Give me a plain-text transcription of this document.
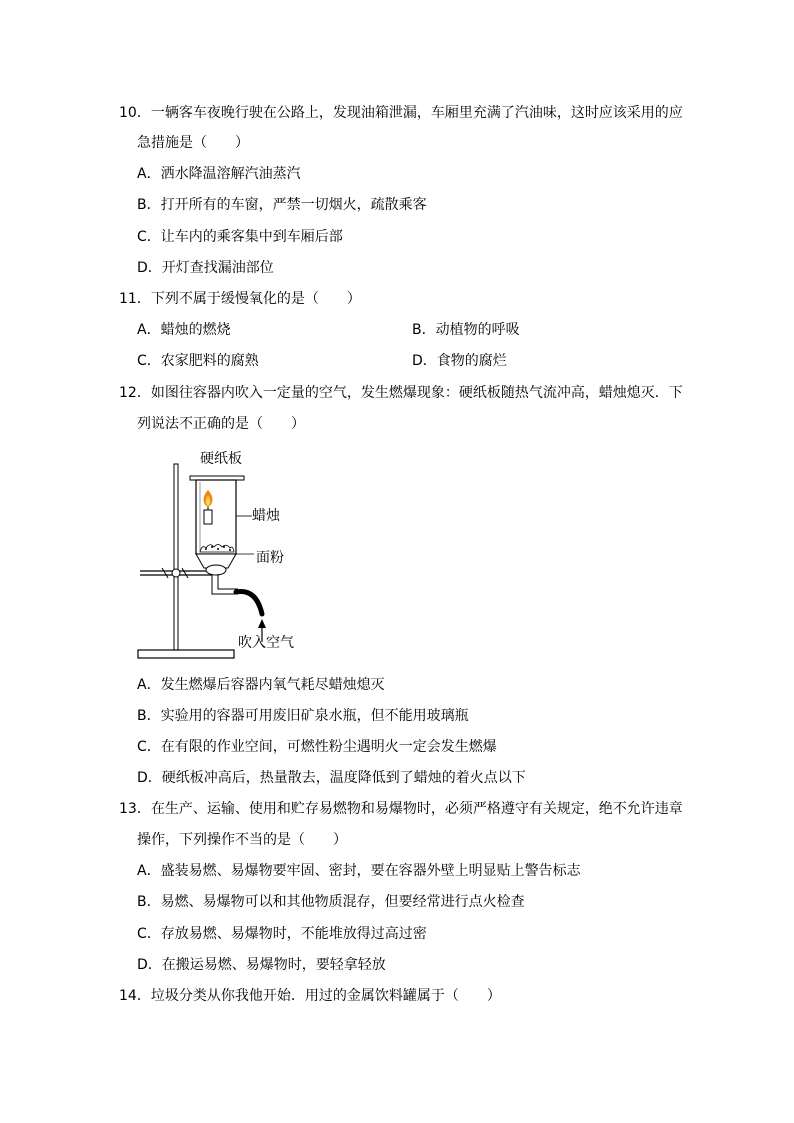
10．一辆客车夜晚行驶在公路上，发现油箱泄漏，车厢里充满了汽油味，这时应该采用的应
急措施是（　　）
A．洒水降温溶解汽油蒸汽
B．打开所有的车窗，严禁一切烟火，疏散乘客
C．让车内的乘客集中到车厢后部
D．开灯查找漏油部位
11．下列不属于缓慢氧化的是（　　）
A．蜡烛的燃烧	B．动植物的呼吸
C．农家肥料的腐熟	D．食物的腐烂
12．如图往容器内吹入一定量的空气，发生燃爆现象：硬纸板随热气流冲高，蜡烛熄灭．下
列说法不正确的是（　　）
硬纸板
蜡烛
面粉
吹入空气
A．发生燃爆后容器内氧气耗尽蜡烛熄灭
B．实验用的容器可用废旧矿泉水瓶，但不能用玻璃瓶
C．在有限的作业空间，可燃性粉尘遇明火一定会发生燃爆
D．硬纸板冲高后，热量散去，温度降低到了蜡烛的着火点以下
13．在生产、运输、使用和贮存易燃物和易爆物时，必须严格遵守有关规定，绝不允许违章
操作，下列操作不当的是（　　）
A．盛装易燃、易爆物要牢固、密封，要在容器外壁上明显贴上警告标志
B．易燃、易爆物可以和其他物质混存，但要经常进行点火检查
C．存放易燃、易爆物时，不能堆放得过高过密
D．在搬运易燃、易爆物时，要轻拿轻放
14．垃圾分类从你我他开始．用过的金属饮料罐属于（　　）
